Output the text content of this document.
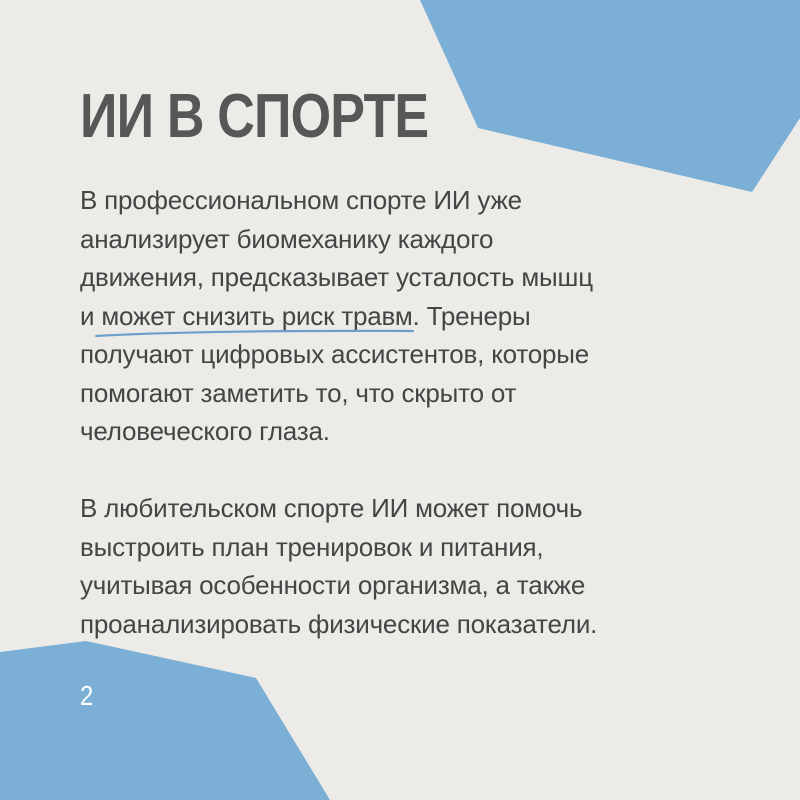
ИИ В СПОРТЕ

В профессиональном спорте ИИ уже
анализирует биомеханику каждого
движения, предсказывает усталость мышц
и может снизить риск травм
. Тренеры
получают цифровых ассистентов, которые
помогают заметить то, что скрыто от
человеческого глаза.

В любительском спорте ИИ может помочь
выстроить план тренировок и питания,
учитывая особенности организма, а также
проанализировать физические показатели.

2
